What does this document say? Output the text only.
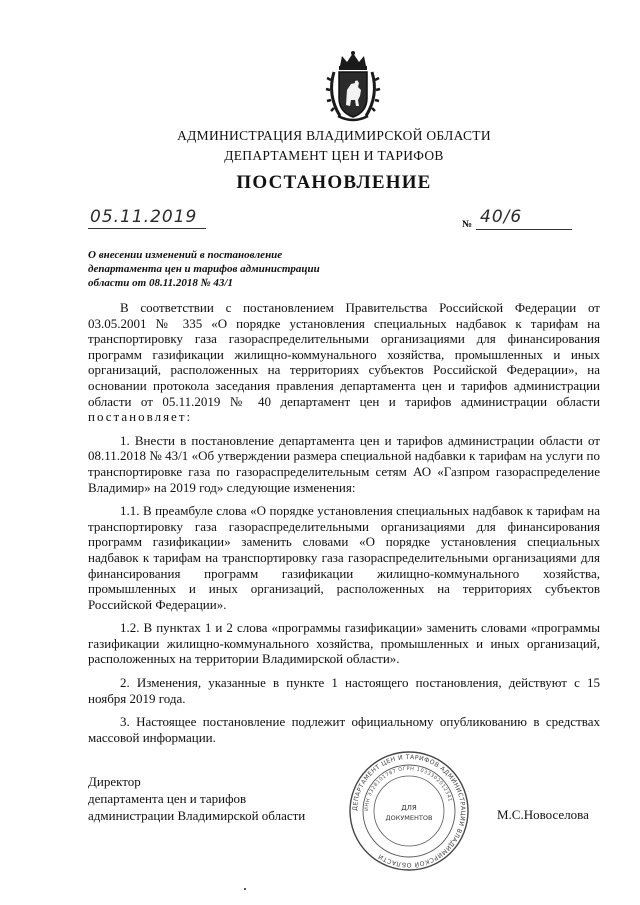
АДМИНИСТРАЦИЯ ВЛАДИМИРСКОЙ ОБЛАСТИ
ДЕПАРТАМЕНТ ЦЕН И ТАРИФОВ
ПОСТАНОВЛЕНИЕ
05.11.2019	№ 40/6
О внесении изменений в постановление
департамента цен и тарифов администрации
области от 08.11.2018 № 43/1

В соответствии с постановлением Правительства Российской Федерации от 03.05.2001 № 335 «О порядке установления специальных надбавок к тарифам на транспортировку газа газораспределительными организациями для финансирования программ газификации жилищно-коммунального хозяйства, промышленных и иных организаций, расположенных на территориях субъектов Российской Федерации», на основании протокола заседания правления департамента цен и тарифов администрации области от 05.11.2019 № 40 департамент цен и тарифов администрации области постановляет:

1. Внести в постановление департамента цен и тарифов администрации области от 08.11.2018 № 43/1 «Об утверждении размера специальной надбавки к тарифам на услуги по транспортировке газа по газораспределительным сетям АО «Газпром газораспределение Владимир» на 2019 год» следующие изменения:

1.1. В преамбуле слова «О порядке установления специальных надбавок к тарифам на транспортировку газа газораспределительными организациями для финансирования программ газификации» заменить словами «О порядке установления специальных надбавок к тарифам на транспортировку газа газораспределительными организациями для финансирования программ газификации жилищно-коммунального хозяйства, промышленных и иных организаций, расположенных на территориях субъектов Российской Федерации».

1.2. В пунктах 1 и 2 слова «программы газификации» заменить словами «программы газификации жилищно-коммунального хозяйства, промышленных и иных организаций, расположенных на территории Владимирской области».

2. Изменения, указанные в пункте 1 настоящего постановления, действуют с 15 ноября 2019 года.

3. Настоящее постановление подлежит официальному опубликованию в средствах массовой информации.

Директор
департамента цен и тарифов
администрации Владимирской области	ДЕПАРТАМЕНТ ЦЕН И ТАРИФОВ АДМИНИСТРАЦИИ ВЛАДИМИРСКОЙ ОБЛАСТИ
ИНН 3328101787 ОГРН 1033302012341
ДЛЯ
ДОКУМЕНТОВ	М.С.Новоселова
